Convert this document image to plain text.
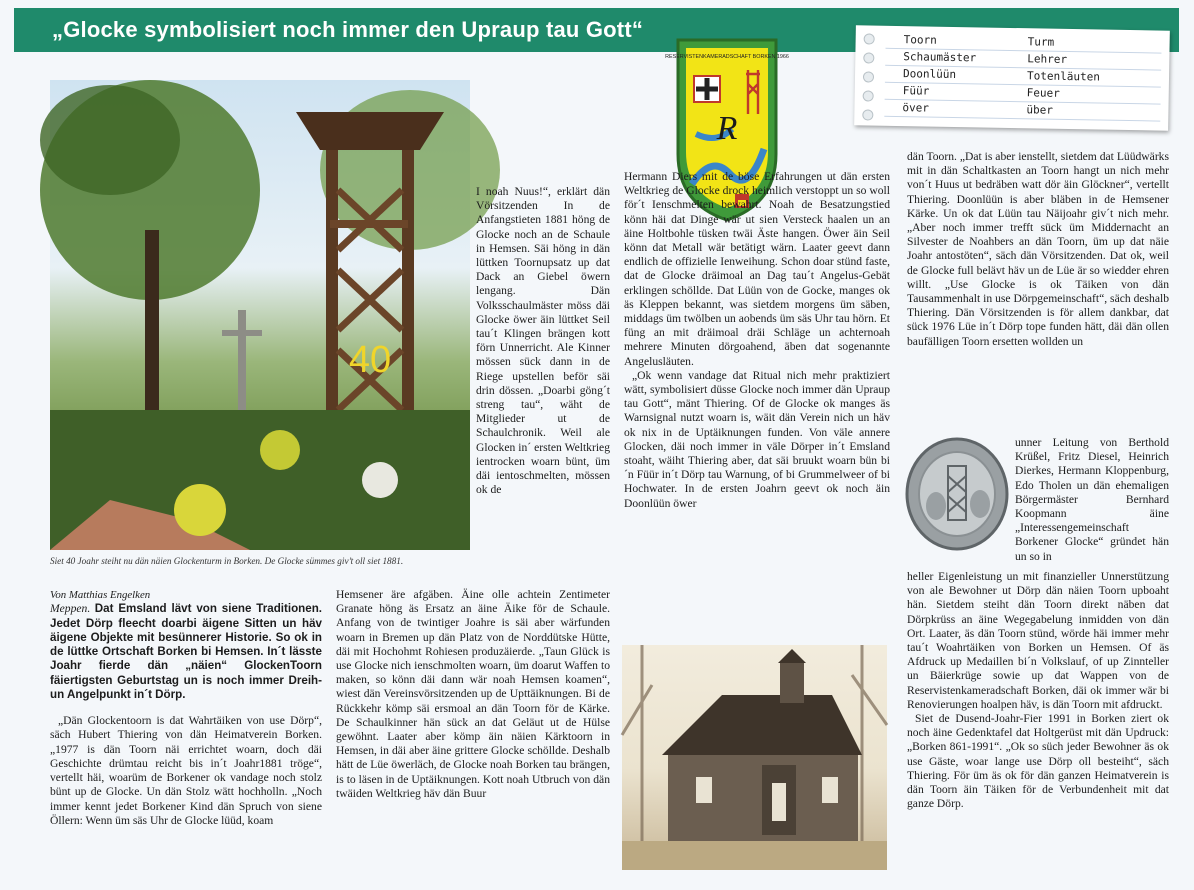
„Glocke symbolisiert noch immer den Upraup tau Gott“
RESERVISTENKAMERADSCHAFT BORKEN 1966
R
Toorn	Turm
Schaumäster	Lehrer
Doonlüün	Totenläuten
Füür	Feuer
över	über
40
Siet 40 Joahr steiht nu dän näien Glockenturm in Borken. De Glocke sümmes giv’t oll siet 1881.

Von Matthias Engelken

Meppen. Dat Emsland lävt von siene Traditionen. Jedet Dörp fleecht doarbi äigene Sitten un häv äigene Objekte mit besünnerer Historie. So ok in de lüttke Ortschaft Borken bi Hemsen. In´t lässte Joahr fierde dän „näien“ GlockenToorn fäiertigsten Geburtstag un is noch immer Dreih- un Angelpunkt in´t Dörp.

„Dän Glockentoorn is dat Wahrtäiken von use Dörp“, säch Hubert Thiering von dän Heimatverein Borken. „1977 is dän Toorn näi errichtet woarn, doch däi Geschichte drümtau reicht bis in´t Joahr1881 tröge“, vertellt häi, woarüm de Borkener ok vandage noch stolz bünt up de Glocke. Un dän Stolz wätt hochholln. „Noch immer kennt jedet Borkener Kind dän Spruch von siene Öllern: Wenn üm säs Uhr de Glocke lüüd, koam

I noah Nuus!“, erklärt dän Vörsitzenden In de Anfangstieten 1881 höng de Glocke noch an de Schaule in Hemsen. Säi höng in dän lüttken Toornupsatz up dat Dack an Giebel öwern lengang. Dän Volksschaulmäster möss däi Glocke öwer äin lüttket Seil tau´t Klingen brängen kott förn Unnerricht. Ale Kinner mössen sück dann in de Riege upstellen beför säi drin dössen. „Doarbi göng´t streng tau“, wäht de Mitglieder ut de Schaulchronik. Weil ale Glocken in´ ersten Weltkrieg ientrocken woarn bünt, üm däi ientoschmelten, mössen ok de
Hemsener äre afgäben. Äine olle achtein Zentimeter Granate höng äs Ersatz an äine Äike för de Schaule. Anfang von de twintiger Joahre is säi aber wärfunden woarn in Bremen up dän Platz von de Norddütske Hütte, däi mit Hochohmt Rohiesen produzäierde. „Taun Glück is use Glocke nich ienschmolten woarn, üm doarut Waffen to maken, so könn däi dann wär noah Hemsen koamen“, wiest dän Vereinsvörsitzenden up de Upttäiknungen. Bi de Rückkehr kömp säi ersmoal an dän Toorn för de Kärke. De Schaulkinner hän sück an dat Geläut ut de Hülse gewöhnt. Laater aber kömp äin näien Kärktoorn in Hemsen, in däi aber äine grittere Glocke schöllde. Deshalb hätt de Lüe öwerläch, de Glocke noah Borken tau brängen, is to läsen in de Uptäiknungen. Kott noah Utbruch von dän twäiden Weltkrieg häv dän Buur

Hermann Diers mit de böse Erfahrungen ut dän ersten Weltkrieg de Glocke drock heimlich verstoppt un so woll för´t Ienschmelten bewahrt. Noah de Besatzungstied könn häi dat Dinge wär ut sien Versteck haalen un an äine Holtbohle tüsken twäi Äste hangen. Öwer äin Seil könn dat Metall wär betätigt wärn. Laater geevt dann endlich de offizielle Ienweihung. Schon doar stünd faste, dat de Glocke dräimoal an Dag tau´t Angelus-Gebät erklingen schöllde. Dat Lüün von de Gocke, manges ok äs Kleppen bekannt, was sietdem morgens üm säben, middags üm twölben un aobends üm säs Uhr tau hörn. Et füng an mit dräimoal dräi Schläge un achternoah mehrere Minuten dörgoahend, äben dat sogenannte Angelusläuten.

„Ok wenn vandage dat Ritual nich mehr praktiziert wätt, symbolisiert düsse Glocke noch immer dän Upraup tau Gott“, mänt Thiering. Of de Glocke ok manges äs Warnsignal nutzt woarn is, wäit dän Verein nich un häv ok nix in de Uptäiknungen funden. Von väle annere Glocken, däi noch immer in väle Dörper in´t Emsland stoaht, wäiht Thiering aber, dat säi bruukt woarn bün bi´n Füür in´t Dörp tau Warnung, of bi Grummelweer of bi Hochwater. In de ersten Joahrn geevt ok noch äin Doonlüün öwer

dän Toorn. „Dat is aber ienstellt, sietdem dat Lüüdwärks mit in dän Schaltkasten an Toorn hangt un nich mehr von´t Huus ut bedräben watt dör äin Glöckner“, vertellt Thiering. Doonlüün is aber bläben in de Hemsener Kärke. Un ok dat Lüün tau Näijoahr giv´t nich mehr. „Aber noch immer trefft sück üm Middernacht an Silvester de Noahbers an dän Toorn, üm up dat näie Joahr antostöten“, säch dän Vörsitzenden. Dat ok, weil de Glocke full belävt häv un de Lüe är so wiedder ehren willt. „Use Glocke is ok Täiken von dän Tausammenhalt in use Dörpgemeinschaft“, säch deshalb Thiering. Dän Vörsitzenden is för allem dankbar, dat sück 1976 Lüe in´t Dörp tope funden hätt, däi dän ollen baufälligen Toorn ersetten wollden un
unner Leitung von Berthold Krüßel, Fritz Diesel, Heinrich Dierkes, Hermann Kloppenburg, Edo Tholen un dän ehemaligen Börgermäster Bernhard Koopmann äine „Interessengemeinschaft Borkener Glocke“ gründet hän un so in

heller Eigenleistung un mit finanzieller Unnerstützung von ale Bewohner ut Dörp dän näien Toorn upboaht hän. Sietdem steiht dän Toorn direkt näben dat Dörpkrüss an äine Wegegabelung inmidden von dän Ort. Laater, äs dän Toorn stünd, wörde häi immer mehr tau´t Woahrtäiken von Borken un Hemsen. Of äs Afdruck up Medaillen bi´n Volkslauf, of up Zinnteller un Bäierkrüge sowie up dat Wappen von de Reservistenkameradschaft Borken, däi ok immer wär bi Renovierungen hoalpen häv, is dän Toorn mit afdruckt.

Siet de Dusend-Joahr-Fier 1991 in Borken ziert ok noch äine Gedenktafel dat Holtgerüst mit dän Updruck: „Borken 861-1991“. „Ok so süch jeder Bewohner äs ok use Gäste, woar lange use Dörp oll besteiht“, säch Thiering. För üm äs ok för dän ganzen Heimatverein is dän Toorn äin Täiken för de Verbundenheit mit dat ganze Dörp.
